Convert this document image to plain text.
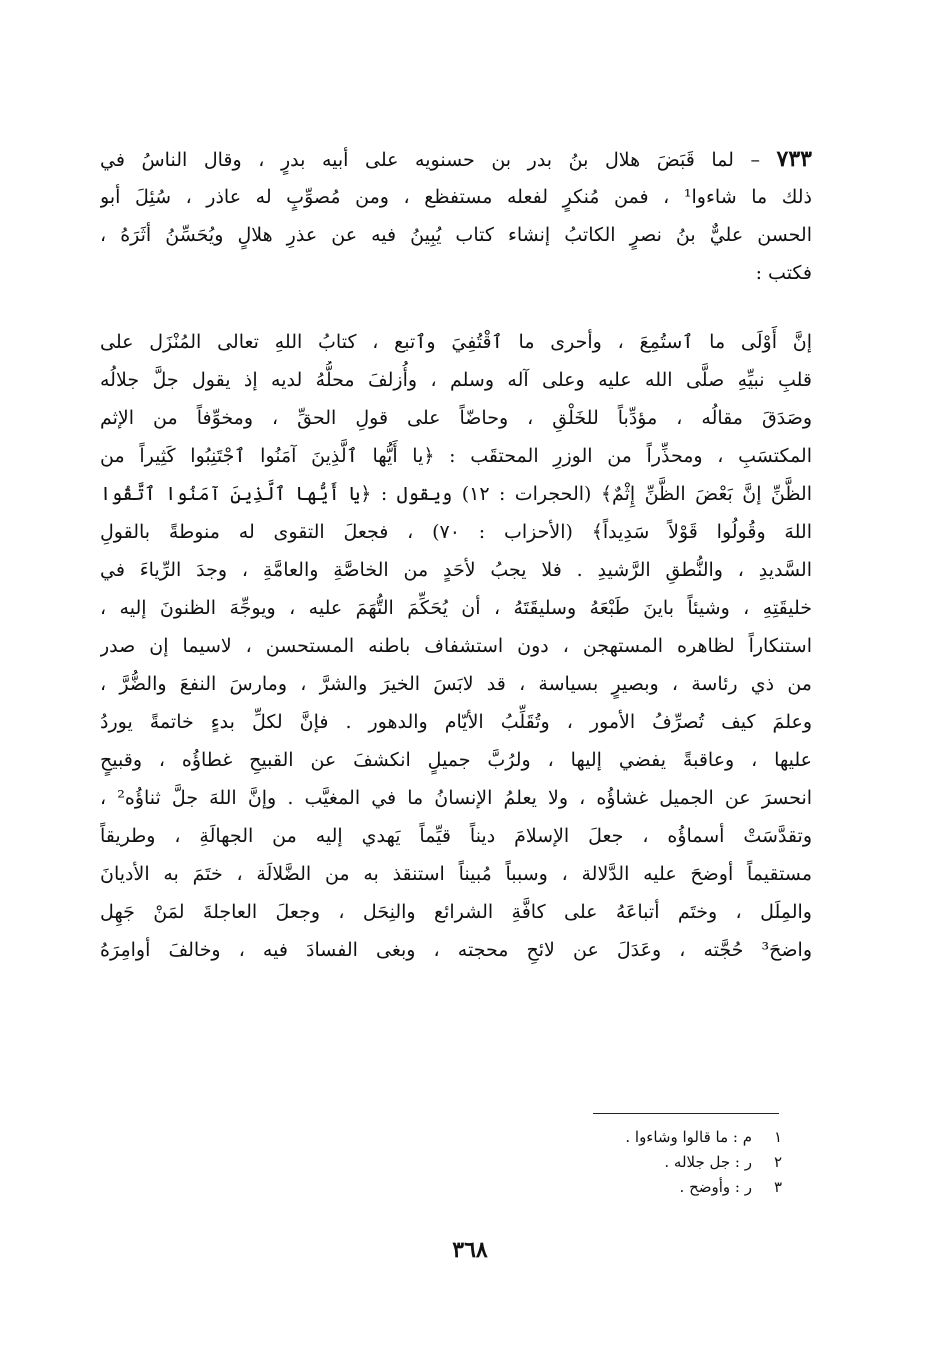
٧٣٣ – لما قَبَضَ هلال بنُ بدر بن حسنويه على أبيه بدرٍ ، وقال الناسُ في
ذلك ما شاءوا¹ ، فمن مُنكرٍ لفعله مستفظع ، ومن مُصوِّبٍ له عاذر ، سُئِلَ أبو
الحسن عليٌّ بنُ نصرٍ الكاتبُ إنشاء كتاب يُبِينُ فيه عن عذرِ هلالٍ ويُحَسِّنُ أثَرَهُ ،
فكتب :
إنَّ أَوْلَى ما ٱستُمِعَ ، وأحرى ما ٱقْتُفِيَ وٱتبع ، كتابُ اللهِ تعالى المُنْزَل على
قلبِ نبيِّهِ صلَّى الله عليه وعلى آله وسلم ، وأُزلفَ محلُّهُ لديه إذ يقول جلَّ جلالُه
وصَدَقَ مقالُه ، مؤدِّباً للخَلْقِ ، وحاضّاً على قولِ الحقِّ ، ومخوِّفاً من الإثم
المكتسَبِ ، ومحذِّراً من الوزرِ المحتقَب : ﴿يا أَيُّها ٱلَّذِينَ آمَنُوا ٱجْتَنِبُوا كَثِيراً من
الظَّنِّ إنَّ بَعْضَ الظَّنِّ إِثْمٌ﴾ (الحجرات : ١٢) ويقول : ﴿يا أَيُّها ٱلَّذِينَ آمَنُوا ٱتَّقُوا
اللهَ وقُولُوا قَوْلاً سَدِيداً﴾ (الأحزاب : ٧٠) ، فجعلَ التقوى له منوطةً بالقولِ
السَّديدِ ، والنُّطقِ الرَّشيدِ . فلا يجبُ لأحَدٍ من الخاصَّةِ والعامَّةِ ، وجدَ الرِّياءَ في
خليقَتِهِ ، وشيئاً باينَ طَبْعَهُ وسليقَتَهُ ، أن يُحَكِّمَ التُّهَمَ عليه ، ويوجِّهَ الظنونَ إليه ،
استنكاراً لظاهره المستهجن ، دون استشفاف باطنه المستحسن ، لاسيما إن صدر
من ذي رئاسة ، وبصيرٍ بسياسة ، قد لابَسَ الخيرَ والشرَّ ، ومارسَ النفعَ والضُّرَّ ،
وعلمَ كيف تُصرِّفُ الأمور ، وتُقَلِّبُ الأيّام والدهور . فإنَّ لكلِّ بدءٍ خاتمةً يوردُ
عليها ، وعاقبةً يفضي إليها ، ولرُبَّ جميلٍ انكشفَ عن القبيحِ غطاؤُه ، وقبيحٍ
انحسرَ عن الجميل غشاؤُه ، ولا يعلمُ الإنسانُ ما في المغيَّب . وإنَّ اللهَ جلَّ ثناؤُه² ،
وتقدَّسَتْ أسماؤُه ، جعلَ الإسلامَ ديناً قيِّماً يَهدي إليه من الجهالَةِ ، وطريقاً
مستقيماً أوضحَ عليه الدَّلالة ، وسبباً مُبيناً استنقذ به من الضَّلالَة ، ختَمَ به الأديانَ
والمِلَل ، وختَم أتباعَهُ على كافَّةِ الشرائع والنِحَل ، وجعلَ العاجلةَ لمَنْ جَهِل
واضحَ³ حُجَّته ، وعَدَلَ عن لائحِ محجته ، وبغى الفسادَ فيه ، وخالفَ أوامِرَهُ
١م : ما قالوا وشاءوا .
٢ر : جل جلاله .
٣ر : وأوضح .
٣٦٨
